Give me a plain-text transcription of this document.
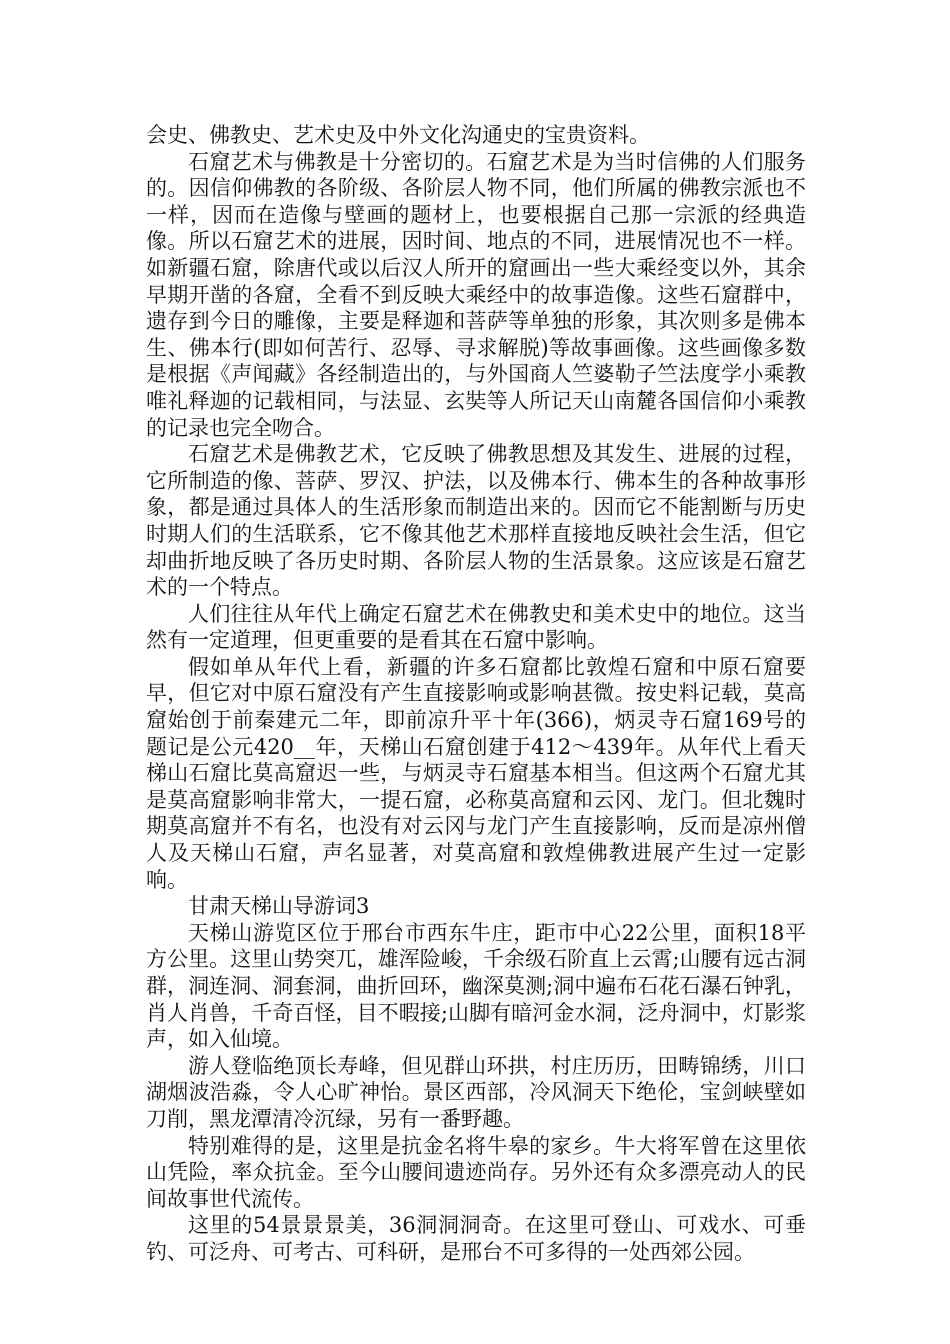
会史、佛教史、艺术史及中外文化沟通史的宝贵资料。

石窟艺术与佛教是十分密切的。石窟艺术是为当时信佛的人们服务的。因信仰佛教的各阶级、各阶层人物不同，他们所属的佛教宗派也不一样，因而在造像与壁画的题材上，也要根据自己那一宗派的经典造像。所以石窟艺术的进展，因时间、地点的不同，进展情况也不一样。如新疆石窟，除唐代或以后汉人所开的窟画出一些大乘经变以外，其余早期开凿的各窟，全看不到反映大乘经中的故事造像。这些石窟群中，遗存到今日的雕像，主要是释迦和菩萨等单独的形象，其次则多是佛本生、佛本行(即如何苦行、忍辱、寻求解脱)等故事画像。这些画像多数是根据《声闻藏》各经制造出的，与外国商人竺婆勒子竺法度学小乘教唯礼释迦的记载相同，与法显、玄奘等人所记天山南麓各国信仰小乘教的记录也完全吻合。

石窟艺术是佛教艺术，它反映了佛教思想及其发生、进展的过程，它所制造的像、菩萨、罗汉、护法，以及佛本行、佛本生的各种故事形象，都是通过具体人的生活形象而制造出来的。因而它不能割断与历史时期人们的生活联系，它不像其他艺术那样直接地反映社会生活，但它却曲折地反映了各历史时期、各阶层人物的生活景象。这应该是石窟艺术的一个特点。

人们往往从年代上确定石窟艺术在佛教史和美术史中的地位。这当然有一定道理，但更重要的是看其在石窟中影响。

假如单从年代上看，新疆的许多石窟都比敦煌石窟和中原石窟要早，但它对中原石窟没有产生直接影响或影响甚微。按史料记载，莫高窟始创于前秦建元二年，即前凉升平十年(366)，炳灵寺石窟169号的题记是公元420__年，天梯山石窟创建于412～439年。从年代上看天梯山石窟比莫高窟迟一些，与炳灵寺石窟基本相当。但这两个石窟尤其是莫高窟影响非常大，一提石窟，必称莫高窟和云冈、龙门。但北魏时期莫高窟并不有名，也没有对云冈与龙门产生直接影响，反而是凉州僧人及天梯山石窟，声名显著，对莫高窟和敦煌佛教进展产生过一定影响。

甘肃天梯山导游词3

天梯山游览区位于邢台市西东牛庄，距市中心22公里，面积18平方公里。这里山势突兀，雄浑险峻，千余级石阶直上云霄;山腰有远古洞群，洞连洞、洞套洞，曲折回环，幽深莫测;洞中遍布石花石瀑石钟乳，肖人肖兽，千奇百怪，目不暇接;山脚有暗河金水洞，泛舟洞中，灯影浆声，如入仙境。

游人登临绝顶长寿峰，但见群山环拱，村庄历历，田畴锦绣，川口湖烟波浩淼，令人心旷神怡。景区西部，冷风洞天下绝伦，宝剑峡壁如刀削，黑龙潭清冷沉绿，另有一番野趣。

特别难得的是，这里是抗金名将牛皋的家乡。牛大将军曾在这里依山凭险，率众抗金。至今山腰间遗迹尚存。另外还有众多漂亮动人的民间故事世代流传。

这里的54景景景美，36洞洞洞奇。在这里可登山、可戏水、可垂钓、可泛舟、可考古、可科研，是邢台不可多得的一处西郊公园。
